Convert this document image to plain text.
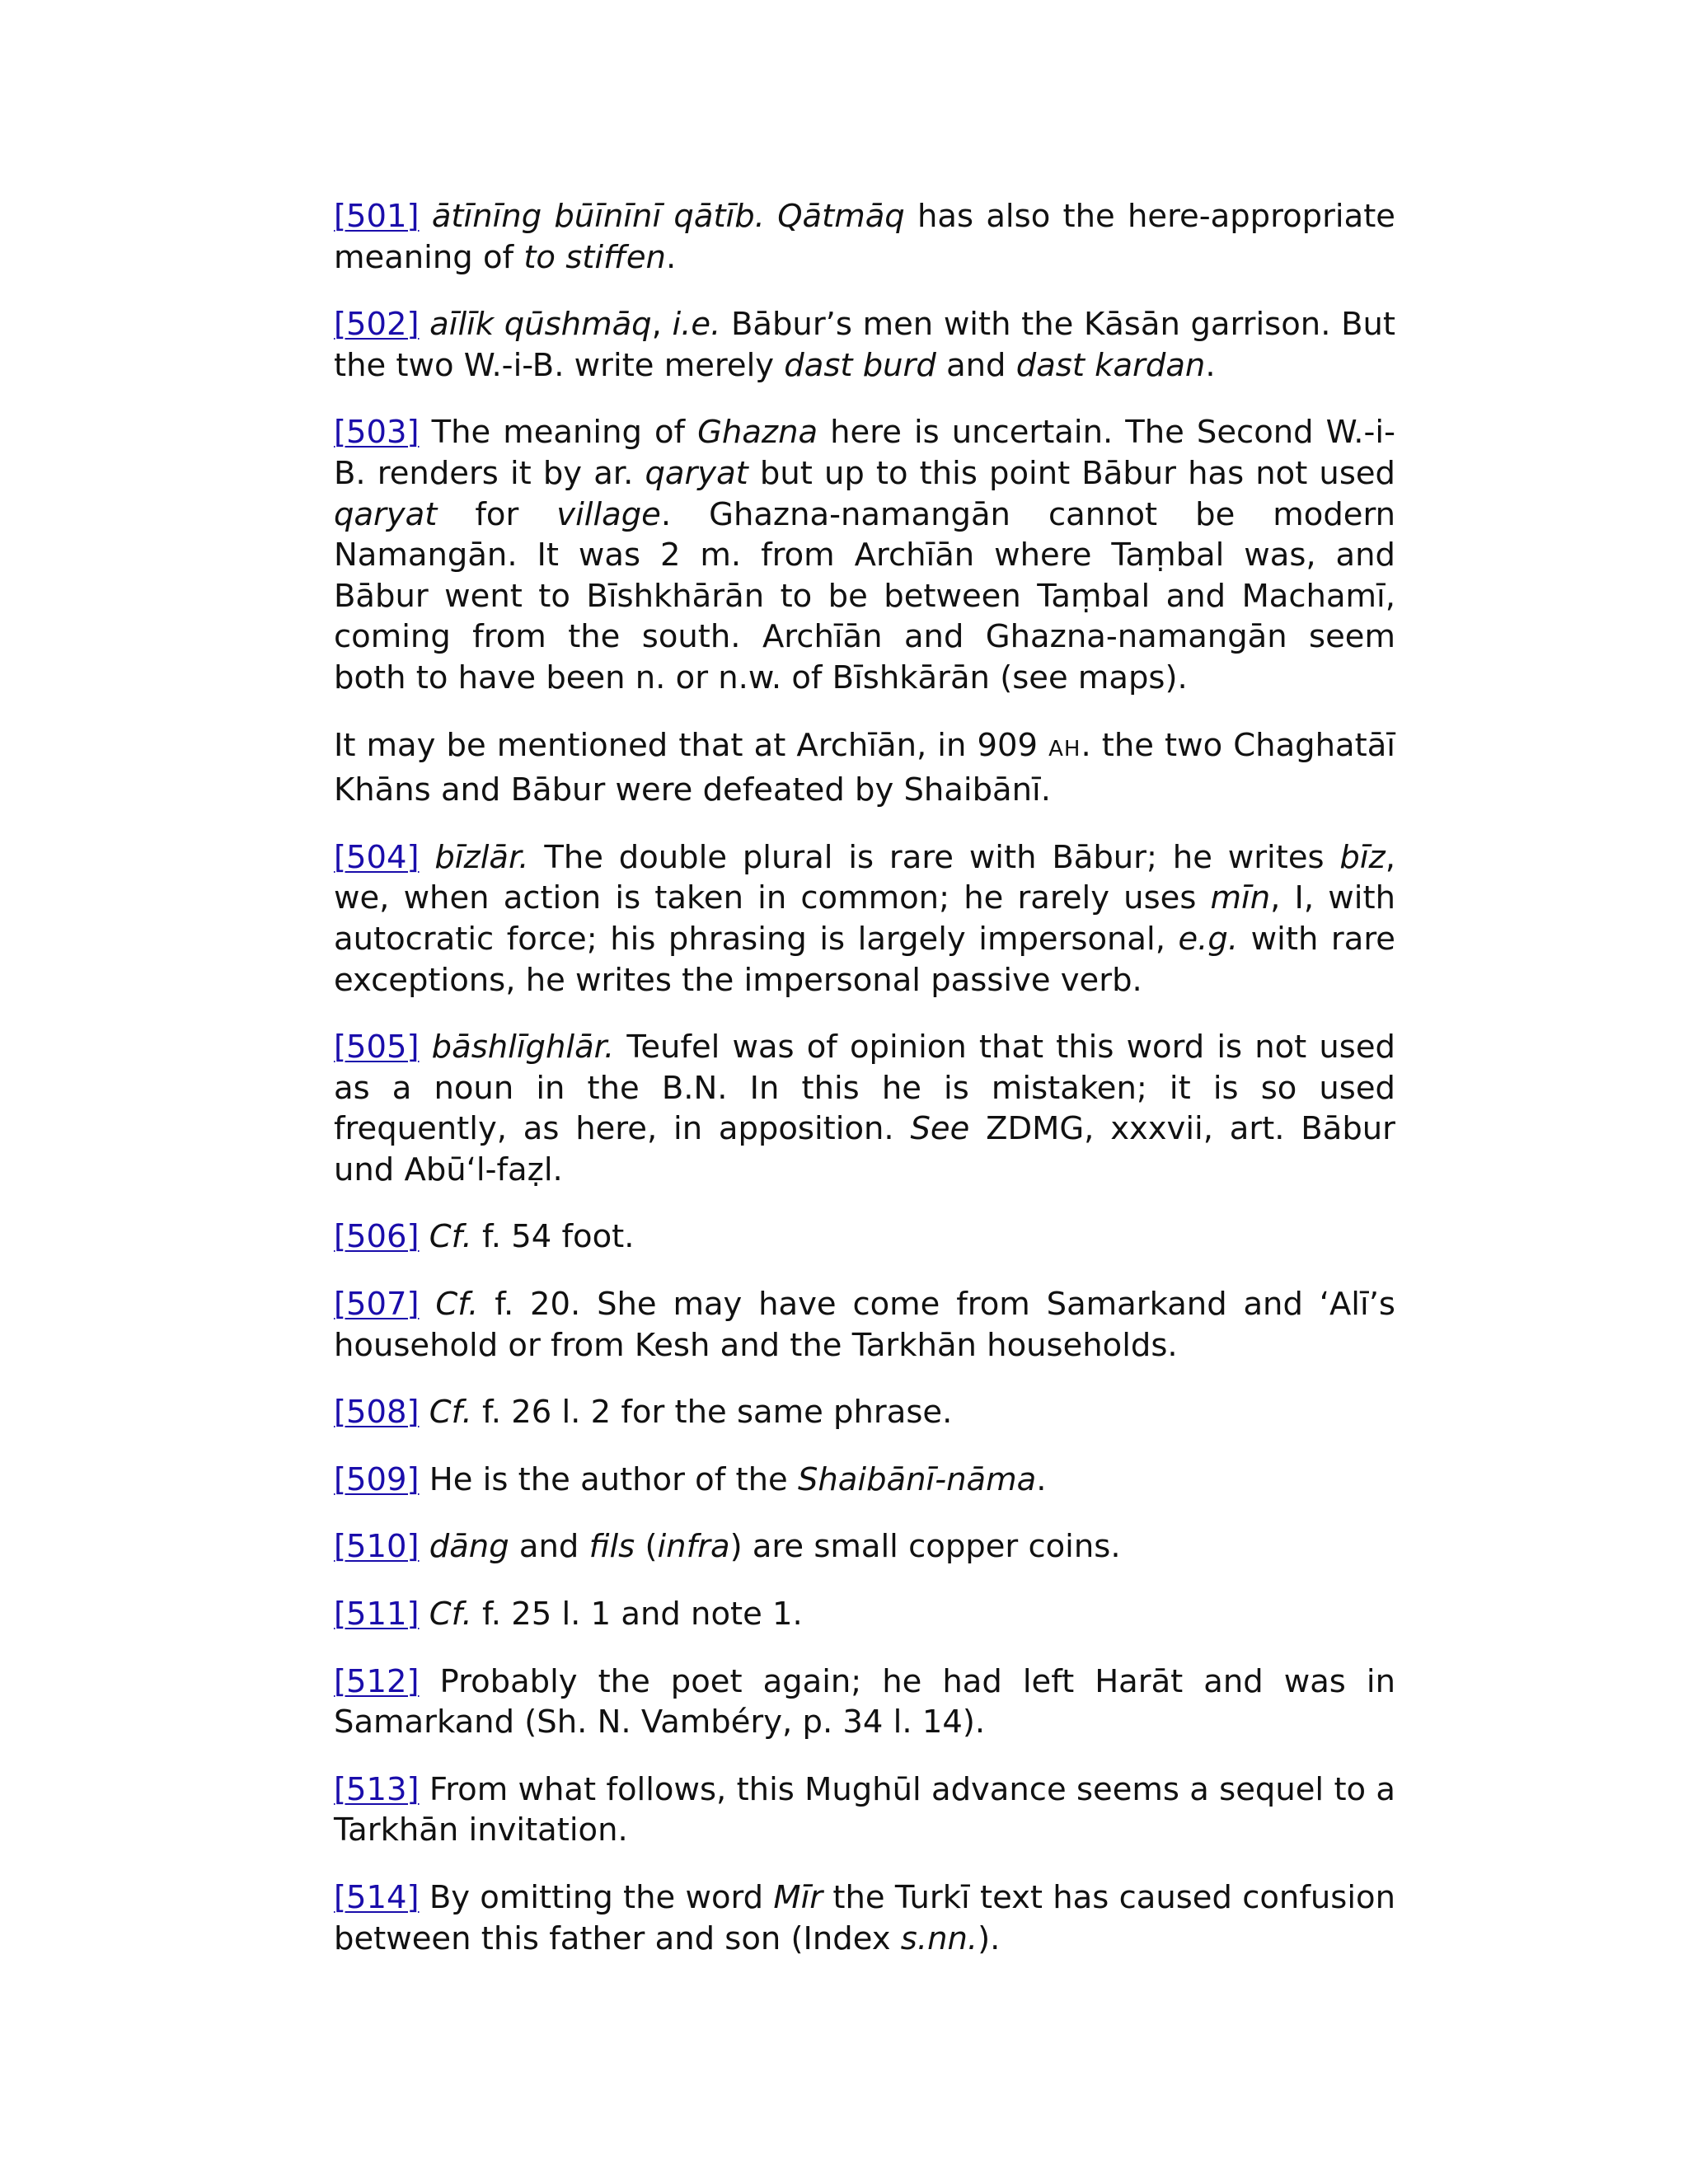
[501] ātīnīng būīnīnī qātīb. Qātmāq has also the here-appropriate meaning of to stiffen.

[502] aīlīk qūshmāq, i.e. Bābur’s men with the Kāsān garrison. But the two W.-i-B. write merely dast burd and dast kardan.

[503] The meaning of Ghazna here is uncertain. The Second W.-i-B. renders it by ar. qaryat but up to this point Bābur has not used qaryat for village. Ghazna-namangān cannot be modern Namangān. It was 2 m. from Archīān where Taṃbal was, and Bābur went to Bīshkhārān to be between Taṃbal and Machamī, coming from the south. Archīān and Ghazna-namangān seem both to have been n. or n.w. of Bīshkārān (see maps).

It may be mentioned that at Archīān, in 909 AH. the two Chaghatāī Khāns and Bābur were defeated by Shaibānī.

[504] bīzlār. The double plural is rare with Bābur; he writes bīz, we, when action is taken in common; he rarely uses mīn, I, with autocratic force; his phrasing is largely impersonal, e.g. with rare exceptions, he writes the impersonal passive verb.

[505] bāshlīghlār. Teufel was of opinion that this word is not used as a noun in the B.N. In this he is mistaken; it is so used frequently, as here, in apposition. See ZDMG, xxxvii, art. Bābur und Abū‘l-faẓl.

[506] Cf. f. 54 foot.

[507] Cf. f. 20. She may have come from Samarkand and ‘Alī’s household or from Kesh and the Tarkhān households.

[508] Cf. f. 26 l. 2 for the same phrase.

[509] He is the author of the Shaibānī-nāma.

[510] dāng and fils (infra) are small copper coins.

[511] Cf. f. 25 l. 1 and note 1.

[512] Probably the poet again; he had left Harāt and was in Samarkand (Sh. N. Vambéry, p. 34 l. 14).

[513] From what follows, this Mughūl advance seems a sequel to a Tarkhān invitation.

[514] By omitting the word Mīr the Turkī text has caused confusion between this father and son (Index s.nn.).
